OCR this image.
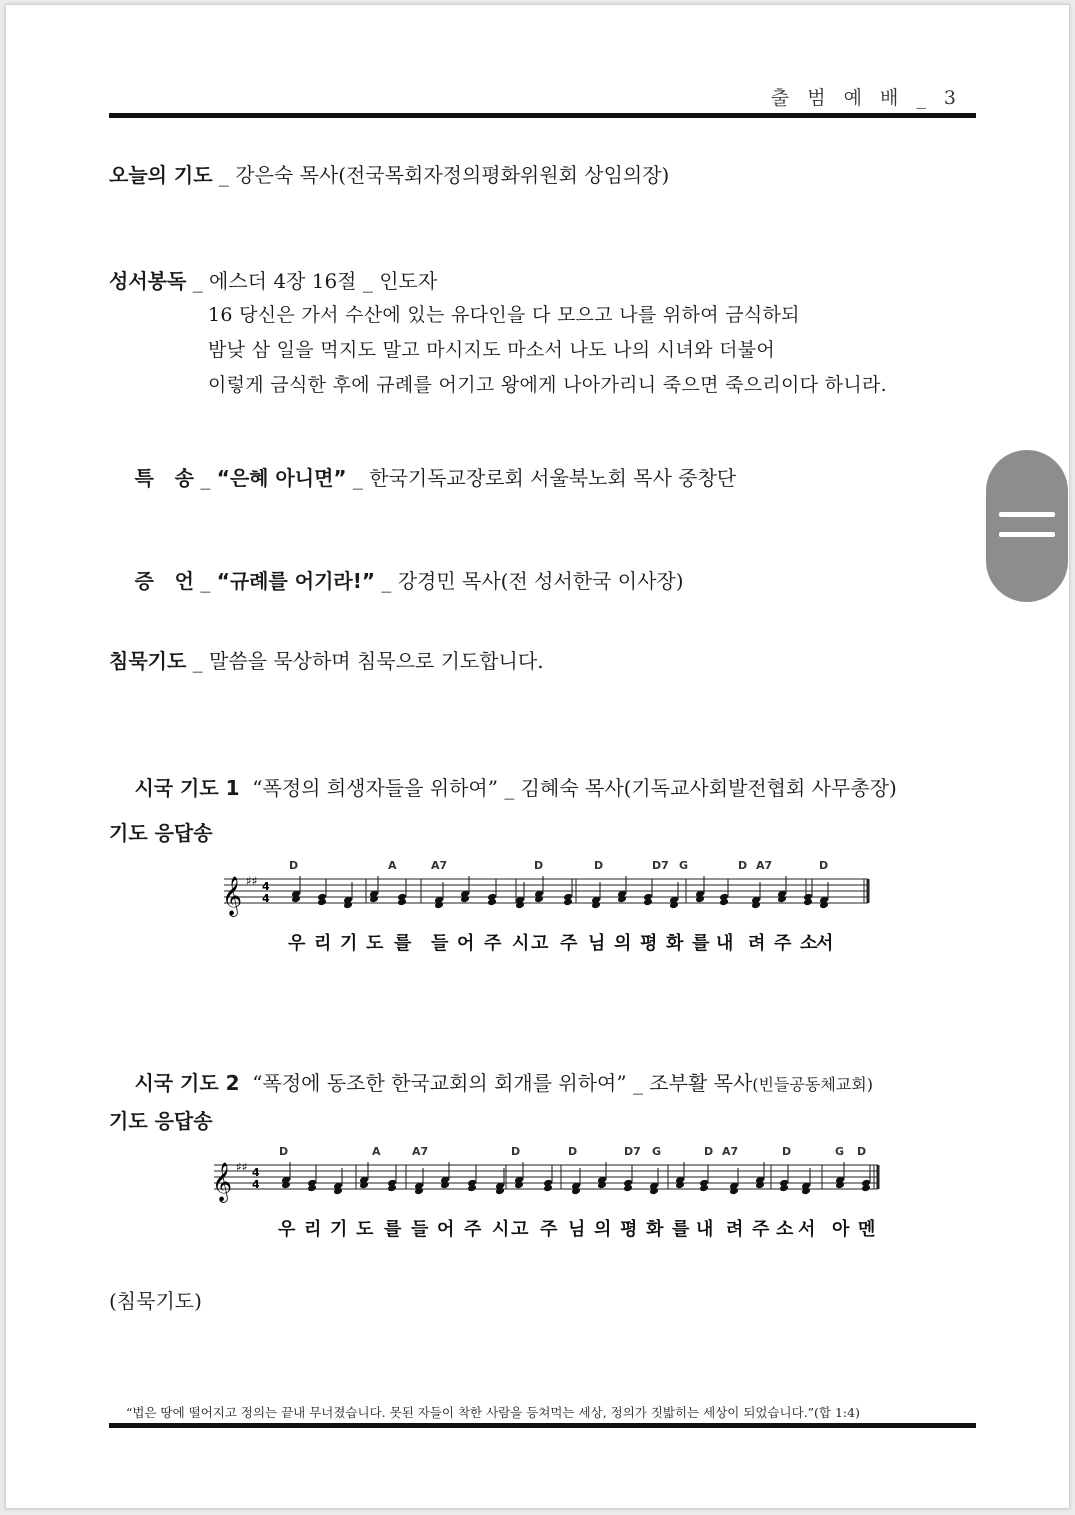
출 범 예 배 _ 3
오늘의 기도 _ 강은숙 목사(전국목회자정의평화위원회 상임의장)
성서봉독 _ 에스더 4장 16절 _ 인도자
16 당신은 가서 수산에 있는 유다인을 다 모으고 나를 위하여 금식하되
밤낮 삼 일을 먹지도 말고 마시지도 마소서 나도 나의 시녀와 더불어
이렇게 금식한 후에 규례를 어기고 왕에게 나아가리니 죽으면 죽으리이다 하니라.

특   송 _ “은혜 아니면” _ 한국기독교장로회 서울북노회 목사 중창단

증   언 _ “규례를 어기라!” _ 강경민 목사(전 성서한국 이사장)

침묵기도 _ 말씀을 묵상하며 침묵으로 기도합니다.

시국 기도 1  “폭정의 희생자들을 위하여” _ 김혜숙 목사(기독교사회발전협회 사무총장)

기도 응답송
𝄞 ♯♯ 4
4
D	A	A7	D	D	D7 G	D A7	D
우 리 기 도 를 들 어 주 시 고 주 님 의 평 화 를 내 려 주 소
서

시국 기도 2  “폭정에 동조한 한국교회의 회개를 위하여” _ 조부활 목사(빈들공동체교회)

기도 응답송
𝄞 ♯♯ 4
4
D	A	A7	D	D	D7 G	D A7	D	G D
우 리 기 도 를 들 어 주 시 고 주 님 의 평 화 를 내 려 주 소 서 아 멘
(침묵기도)
“법은 땅에 떨어지고 정의는 끝내 무너졌습니다. 못된 자들이 착한 사람을 등쳐먹는 세상, 정의가 짓밟히는 세상이 되었습니다.”(합 1:4)
